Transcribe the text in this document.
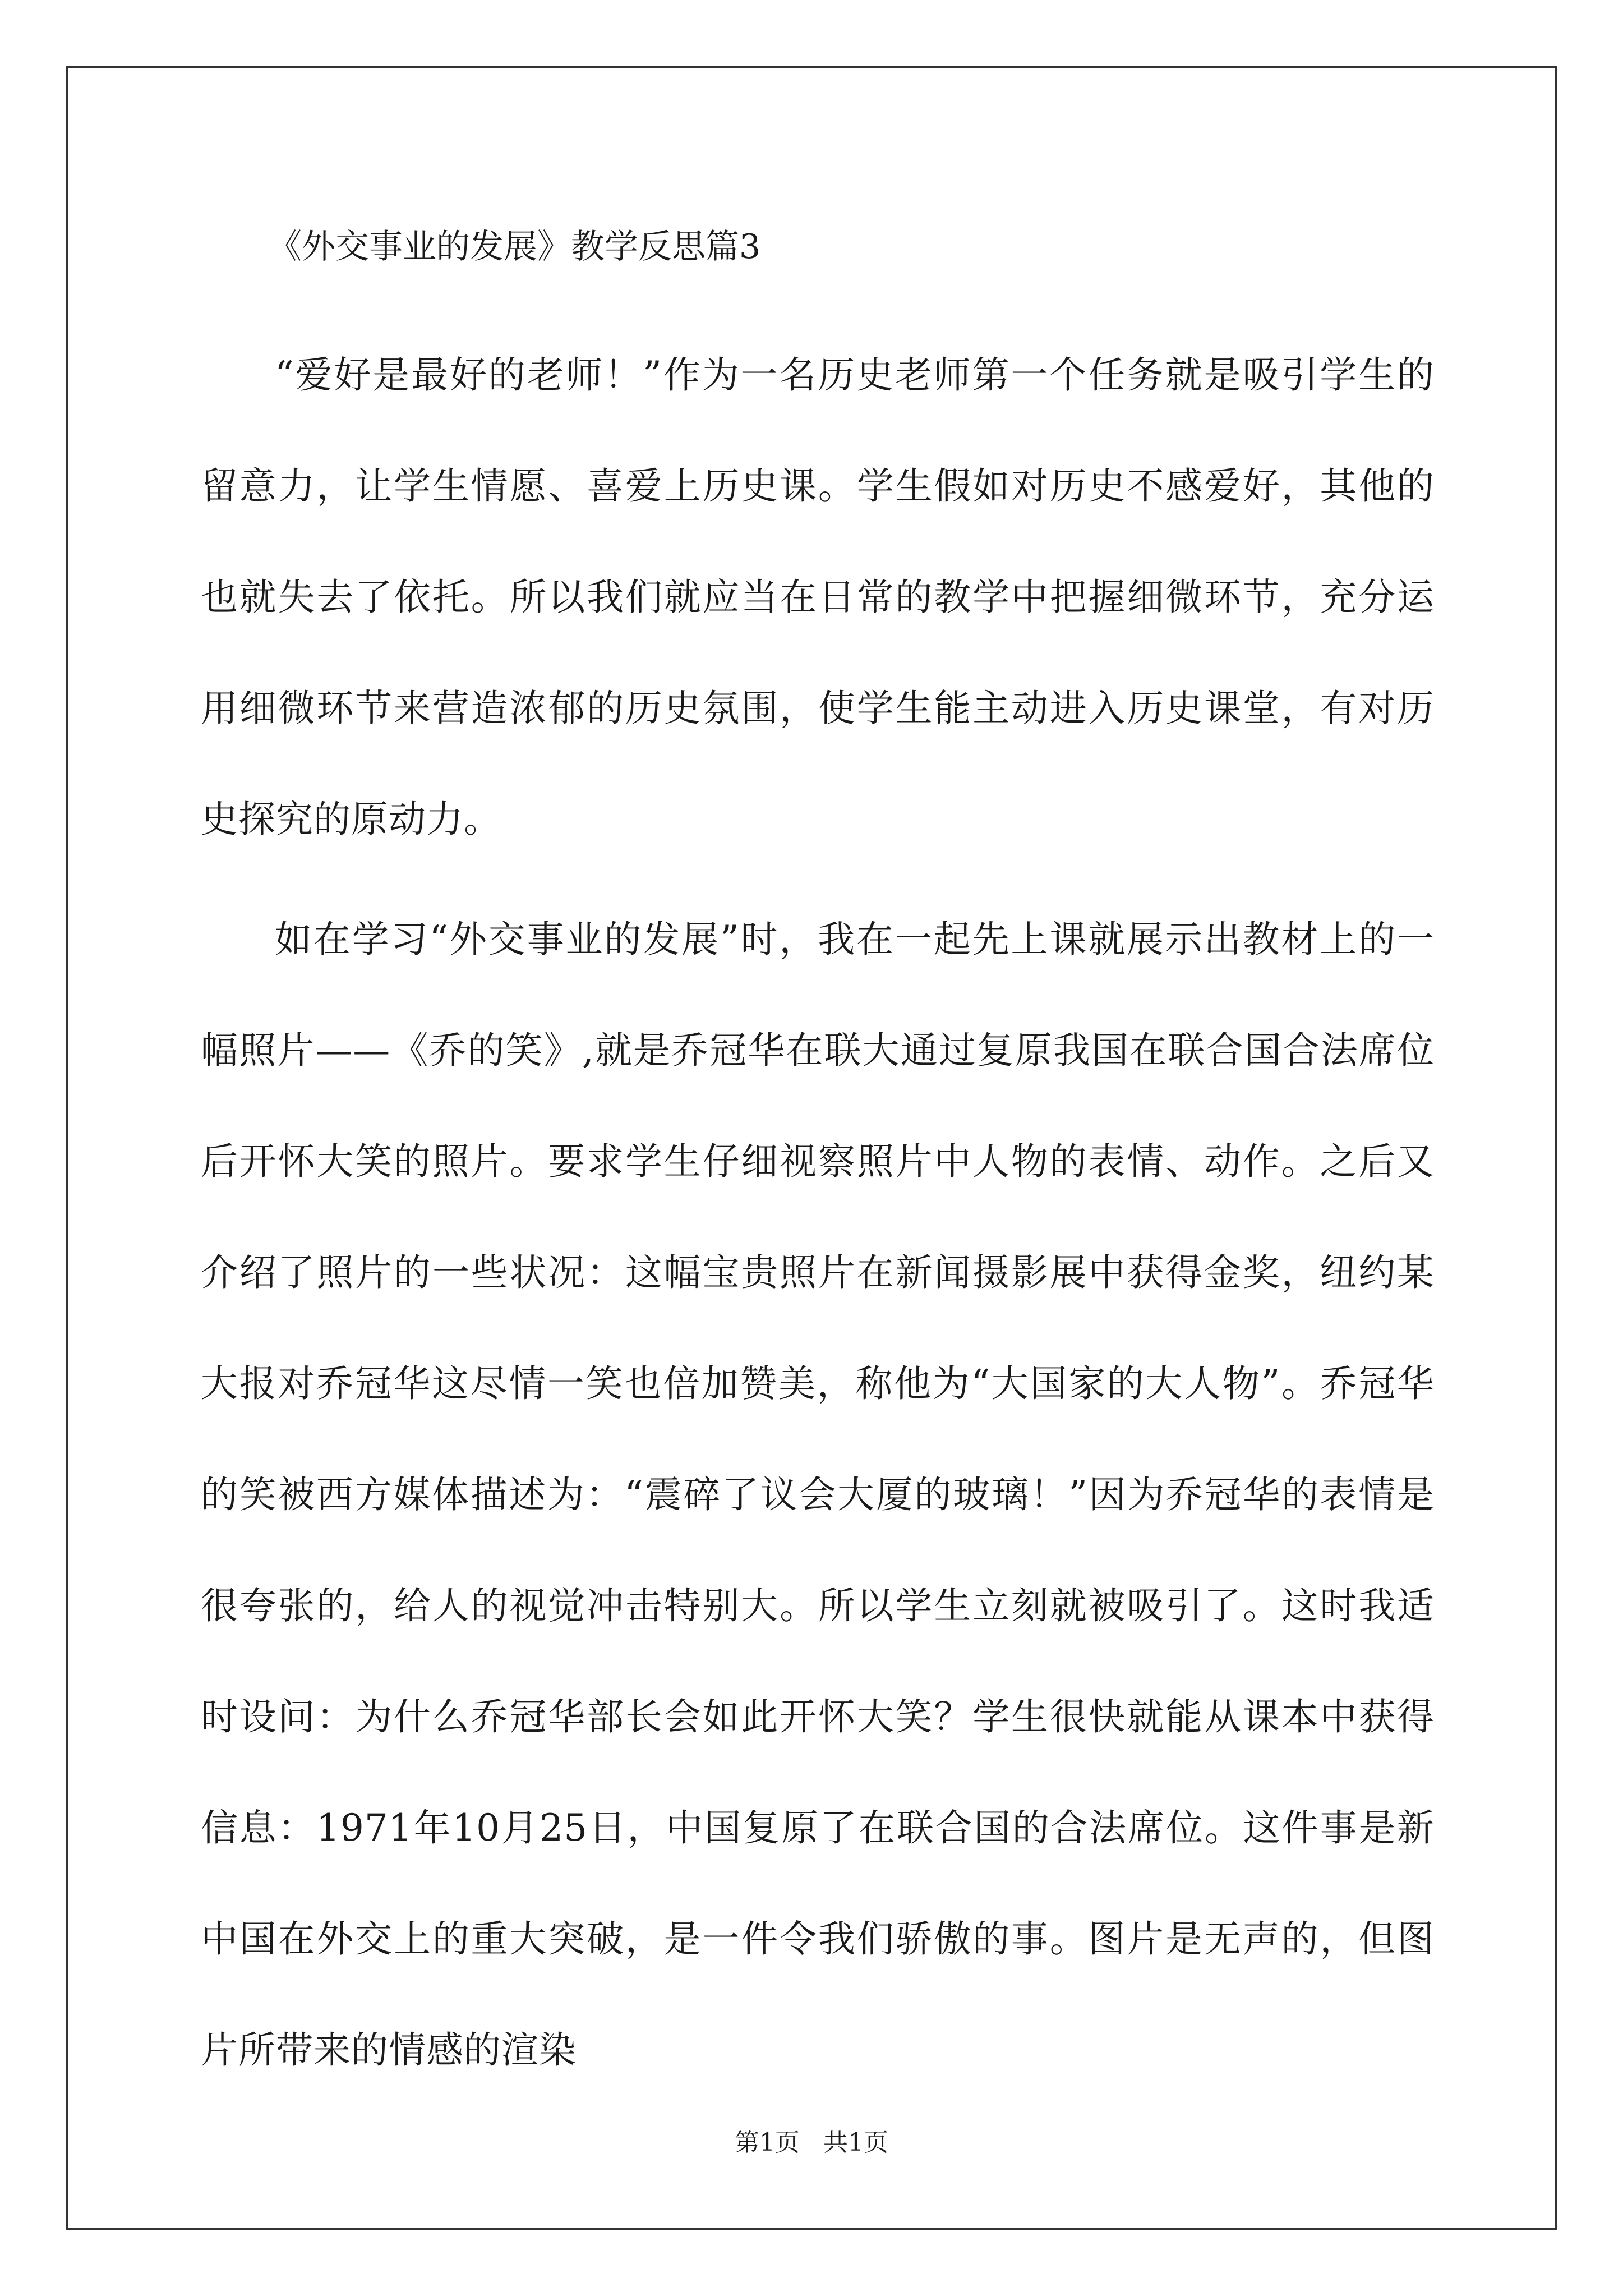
《外交事业的发展》教学反思篇3

“爱好是最好的老师！”作为一名历史老师第一个任务就是吸引学生的留意力，让学生情愿、喜爱上历史课。学生假如对历史不感爱好，其他的也就失去了依托。所以我们就应当在日常的教学中把握细微环节，充分运用细微环节来营造浓郁的历史氛围，使学生能主动进入历史课堂，有对历史探究的原动力。

如在学习“外交事业的发展”时，我在一起先上课就展示出教材上的一幅照片——《乔的笑》,就是乔冠华在联大通过复原我国在联合国合法席位后开怀大笑的照片。要求学生仔细视察照片中人物的表情、动作。之后又介绍了照片的一些状况：这幅宝贵照片在新闻摄影展中获得金奖，纽约某大报对乔冠华这尽情一笑也倍加赞美，称他为“大国家的大人物”。乔冠华的笑被西方媒体描述为：“震碎了议会大厦的玻璃！”因为乔冠华的表情是很夸张的，给人的视觉冲击特别大。所以学生立刻就被吸引了。这时我适时设问：为什么乔冠华部长会如此开怀大笑？学生很快就能从课本中获得信息：1971年10月25日，中国复原了在联合国的合法席位。这件事是新中国在外交上的重大突破，是一件令我们骄傲的事。图片是无声的，但图片所带来的情感的渲染

第1页   共1页
